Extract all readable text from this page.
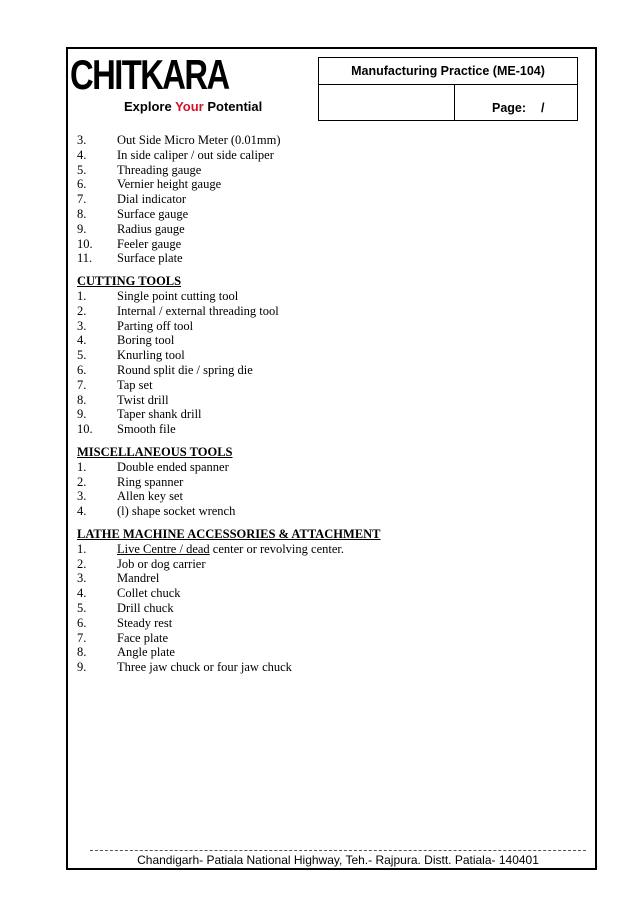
CHITKARA
Explore Your Potential
Manufacturing Practice (ME-104)
Page: /
3. Out Side Micro Meter (0.01mm)
4. In side caliper / out side caliper
5. Threading gauge
6. Vernier height gauge
7. Dial indicator
8. Surface gauge
9. Radius gauge
10. Feeler gauge
11. Surface plate
CUTTING TOOLS
1. Single point cutting tool
2. Internal / external threading tool
3. Parting off tool
4. Boring tool
5. Knurling tool
6. Round split die / spring die
7. Tap set
8. Twist drill
9. Taper shank drill
10. Smooth file
MISCELLANEOUS TOOLS
1. Double ended spanner
2. Ring spanner
3. Allen key set
4. (l) shape socket wrench
LATHE MACHINE ACCESSORIES & ATTACHMENT
1. Live Centre / dead center or revolving center.
2. Job or dog carrier
3. Mandrel
4. Collet chuck
5. Drill chuck
6. Steady rest
7. Face plate
8. Angle plate
9. Three jaw chuck or four jaw chuck
Chandigarh- Patiala National Highway, Teh.- Rajpura. Distt. Patiala- 140401
